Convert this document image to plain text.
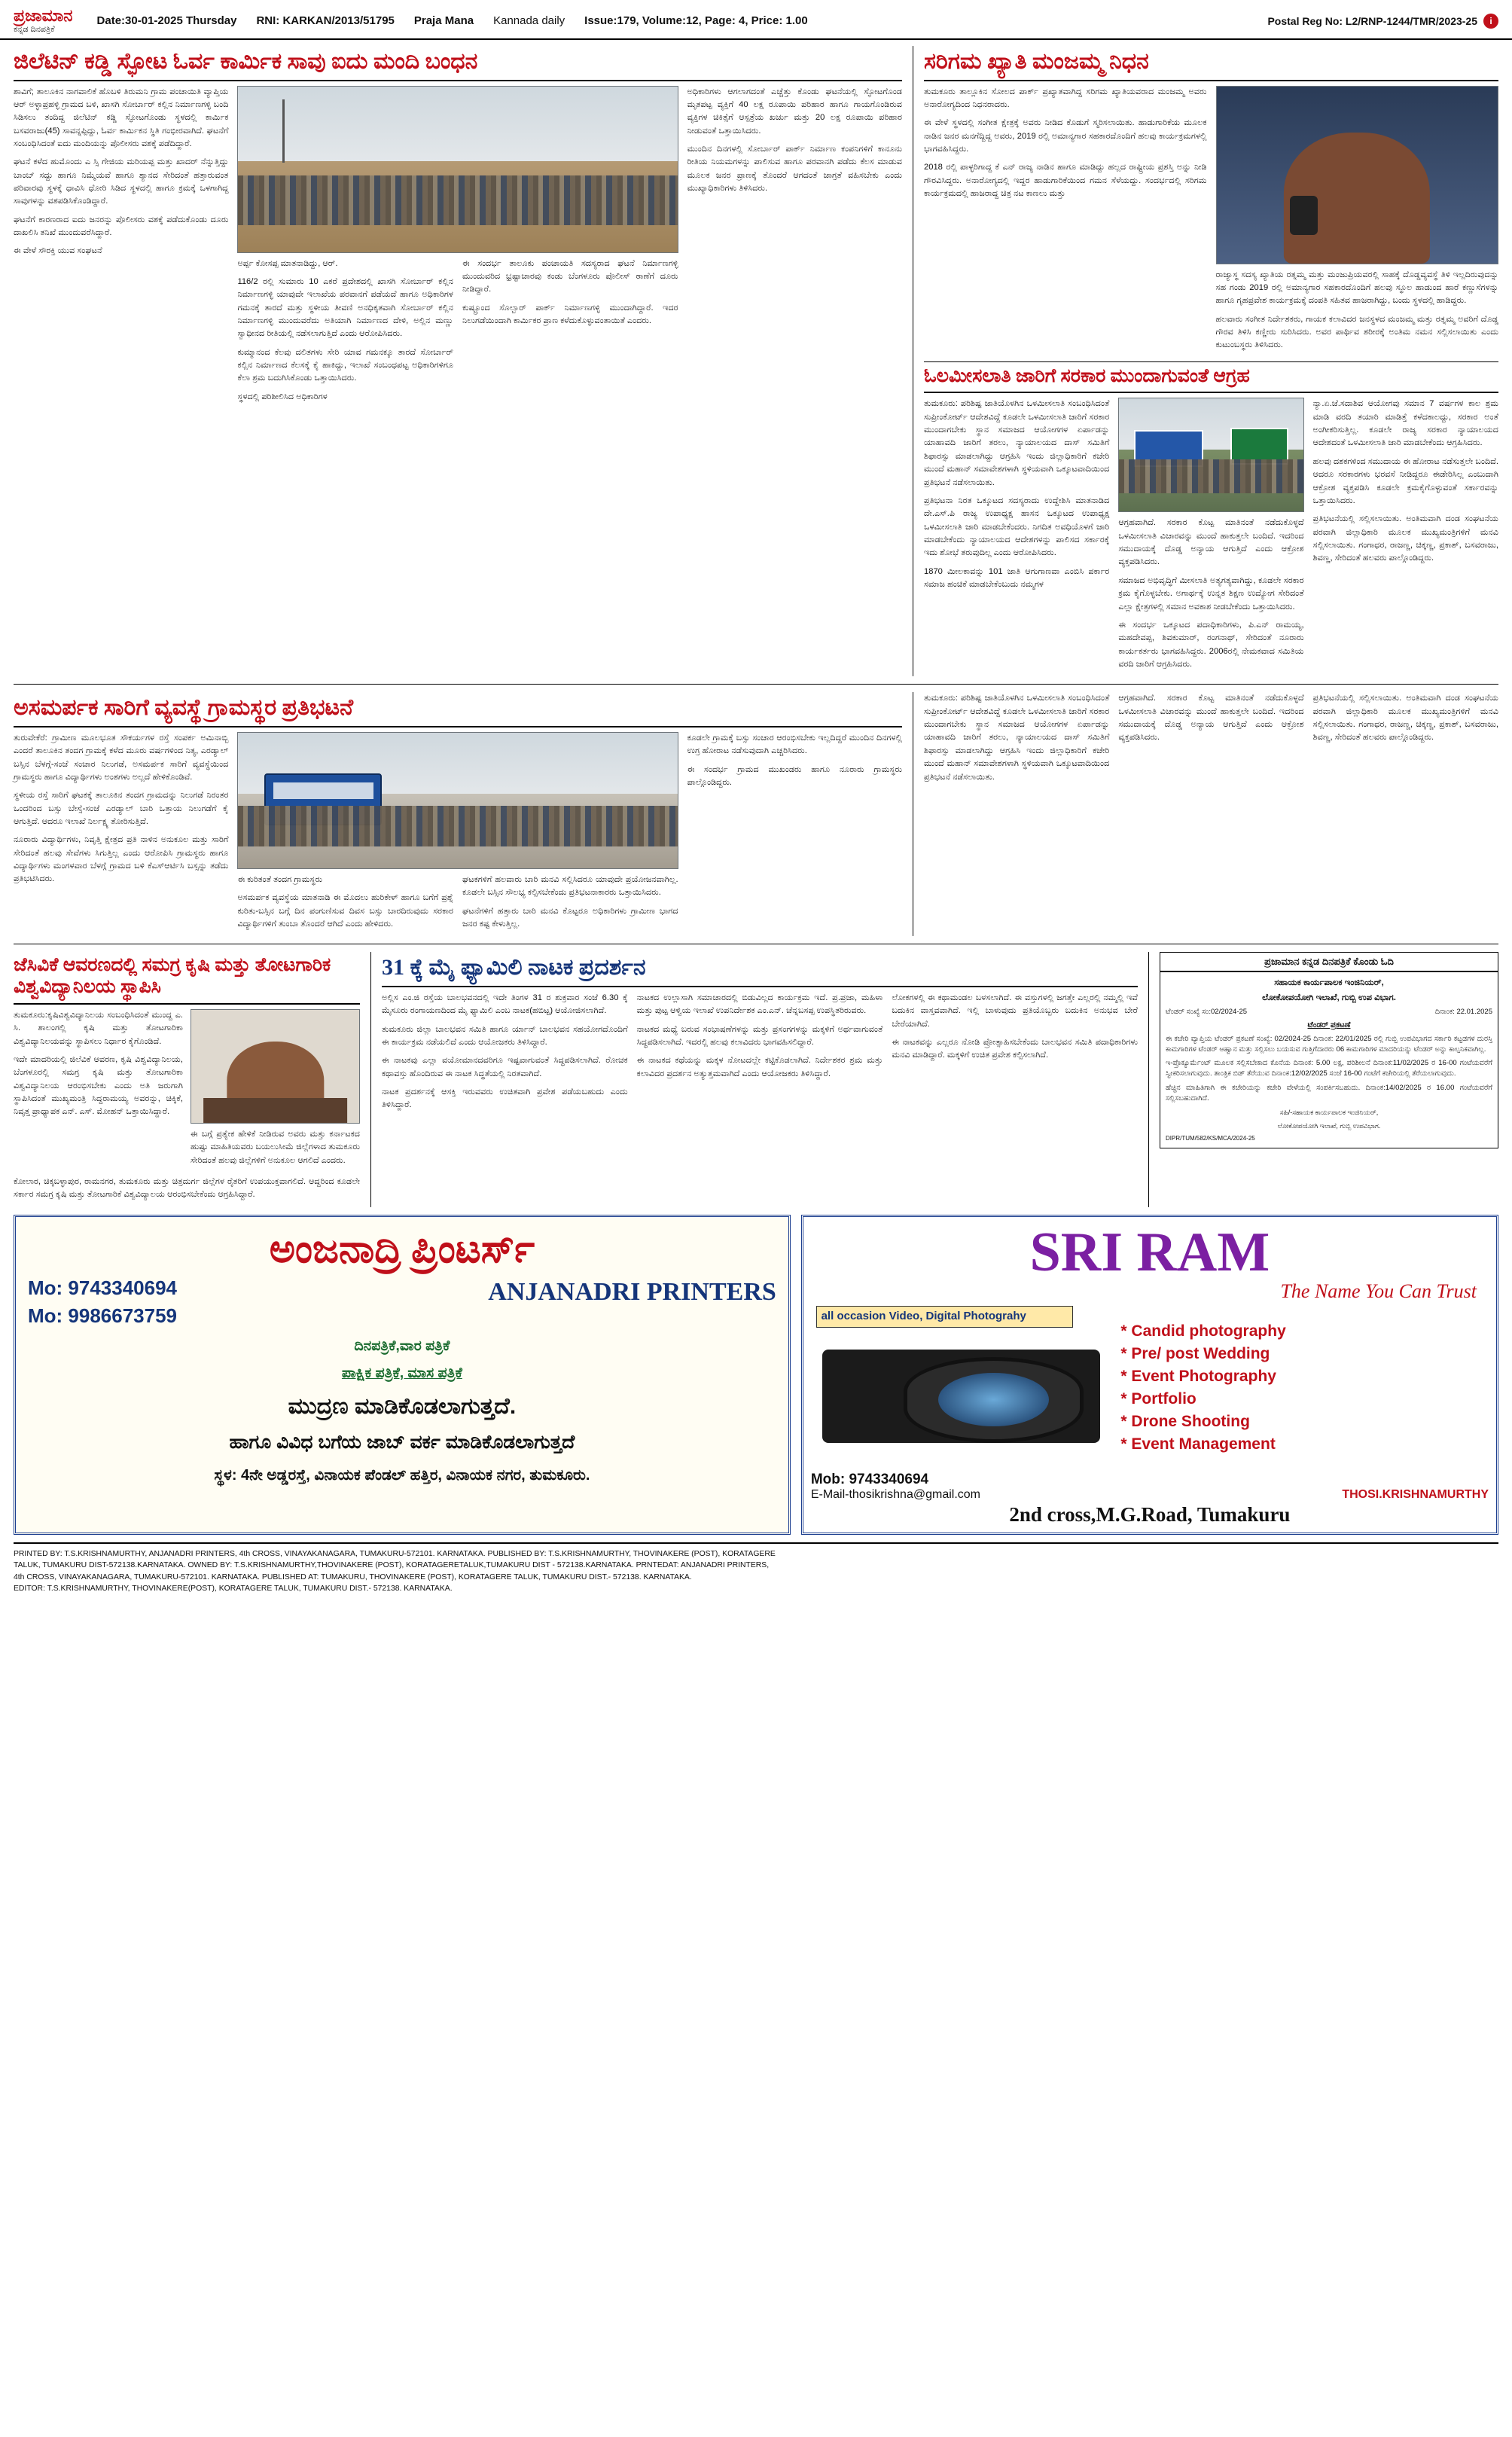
ಪ್ರಜಾಮಾನ
ಕನ್ನಡ ದಿನಪತ್ರಿಕೆ
Date:30-01-2025 Thursday RNI: KARKAN/2013/51795 Praja Mana Kannada daily Issue:179, Volume:12, Page: 4, Price: 1.00	Postal Reg No: L2/RNP-1244/TMR/2023-25	i
ಜಿಲೆಟಿನ್ ಕಡ್ಡಿ ಸ್ಫೋಟ ಓರ್ವ ಕಾರ್ಮಿಕ ಸಾವು ಐದು ಮಂದಿ ಬಂಧನ

ಶಾವಿಗೆ; ತಾಲೂಕಿನ ನಾಗವಾಲಿಕೆ ಹೊಬಳಿ ತಿರುಮನಿ ಗ್ರಾಮ ಪಂಚಾಯಿತಿ ವ್ಯಾಪ್ತಿಯ ಆರ್ ಅಳ್ಳಾಪ್ರಹಳ್ಳಿ ಗ್ರಾಮದ ಬಳಿ, ಖಾಸಗಿ ಸೋರ್ಬಾರ್ ಕಲ್ಲಿನ ನಿರ್ಮಾಣಗಳ್ಳಿ ಬಂದಿ ಸಿಡಿಸಲು ತಂದಿದ್ದ ಜಿಲೆಟಿನ್ ಕಡ್ಡಿ ಸ್ಫೋಟಗೊಂಡು ಸ್ಥಳದಲ್ಲಿ ಕಾರ್ಮಿಕ ಬಸವರಾಜು(45) ಸಾವನ್ನಪ್ಪಿದ್ದು, ಓರ್ವ ಕಾರ್ಮಿಕನ ಸ್ಥಿತಿ ಗಂಭೀರವಾಗಿದೆ. ಘಟನೆಗೆ ಸಂಬಂಧಿಸಿದಂತೆ ಐದು ಮಂದಿಯನ್ನು ಪೊಲೀಸರು ವಶಕ್ಕೆ ಪಡೆದಿದ್ದಾರೆ.

ಘಟನೆ ಕಳೆದ ಹುಮೊಂದು ಎ ಸ್ಸಿ ಗೇಜಿಯ ಮರಿಯಪ್ಪ ಮತ್ತು ಖಾದರ್ ನೆನ್ನುತ್ತಿದ್ದು ಬಾಂಬ್ ಸದ್ದು ಹಾಗೂ ನಿಮ್ಮೆಯವೆ ಹಾಗೂ ಶ್ಯಾನದ ಸೇರಿದಂತೆ ಹತ್ತಾರುವಂತ ಪರಿವಾರವು ಸ್ಥಳಕ್ಕೆ ಧಾವಿಸಿ ಧೋರಿ ಸಿಡಿದ ಸ್ಥಳದಲ್ಲಿ ಹಾಗೂ ಕ್ರಮಕ್ಕೆ ಒಳಗಾಗಿದ್ದ ಸಾವುಗಳನ್ನು ವಶಪಡಿಸಿಕೊಂಡಿದ್ದಾರೆ.

ಘಟನೆಗೆ ಕಾರಣರಾದ ಐದು ಜನರನ್ನು ಪೊಲೀಸರು ವಶಕ್ಕೆ ಪಡೆದುಕೊಂಡು ದೂರು ದಾಖಲಿಸಿ ತನಿಖೆ ಮುಂದುವರೆಸಿದ್ದಾರೆ.

ಈ ವೇಳೆ ಸೌರಕ್ತಿ ಯುವ ಸಂಘಟನೆ

ಅರ್ಪ್ಪ ಕೋಸಪ್ಪ ಮಾತನಾಡಿದ್ದು, ಆರ್.

116/2 ರಲ್ಲಿ ಸುಮಾರು 10 ಎಕರೆ ಪ್ರದೇಶದಲ್ಲಿ ಖಾಸಗಿ ಸೋರ್ಬಾರ್ ಕಲ್ಲಿನ ನಿರ್ಮಾಣಗಳ್ಳಿ ಯಾವುದೇ ಇಲಾಖೆಯ ಪರವಾನಗೆ ಪಡೆಯದೆ ಹಾಗೂ ಅಧಿಕಾರಿಗಳ ಗಮನಕ್ಕೆ ತಾರದೆ ಮತ್ತು ಸ್ಥಳೀಯ ತೀವಣಿ ಅನಧಿಕೃತವಾಗಿ ಸೋರ್ಬಾರ್ ಕಲ್ಲಿನ ನಿರ್ಮಾಣಗಳ್ಳಿ ಮುಂದುವರೆದು ಅತಿಯಾಗಿ ನಿರ್ಮಾಣದ ದೇಳಿ, ಅಲ್ಲಿನ ಮಣ್ಣು ಸ್ವಾಧೀನದ ರೀತಿಯಲ್ಲಿ ನಡೆಸಲಾಗುತ್ತಿದೆ ಎಂದು ಆರೋಪಿಸಿದರು.

ಕುಮ್ಮಾನಂದ ಕೆಲವು ದಲಿತಗಳು ಸೇರಿ ಯಾವ ಗಮನಕ್ಕೂ ತಾರದೆ ಸೋರ್ಬಾರ್ ಕಲ್ಲಿನ ನಿರ್ಮಾಣದ ಕೆಲಸಕ್ಕೆ ಕೈ ಹಾಕಿದ್ದು, ಇಲಾಖೆ ಸಂಬಂಧಪಟ್ಟ ಅಧಿಕಾರಿಗಳಿಗೂ ಕೆಲಾ ಶ್ರಮ ಬದುಗಿಸಿಕೊಂಡು ಒತ್ತಾಯಿಸಿದರು.

ಸ್ಥಳದಲ್ಲಿ ಪರಿಶೀಲಿಸಿದ ಅಧಿಕಾರಿಗಳ

ಈ ಸಂದರ್ಭ ತಾಲೂಕು ಪಂಚಾಯತಿ ಸದಸ್ಯರಾದ ಘಟನೆ ನಿರ್ಮಾಣಗಳ್ಳಿ ಮುಂದುವರಿದ ಭ್ರಷ್ಟಾಚಾರವು ಕಂಡು ಬೆಂಗಳೂರು ಪೊಲೀಸ್ ಠಾಣೆಗೆ ದೂರು ನೀಡಿದ್ದಾರೆ.

ಕುಷ್ಟ್ರೂಂದ ಸೊಲ್ಬಾರ್ ಪಾರ್ಕ್ ನಿರ್ಮಾಣಗಳ್ಳಿ ಮುಂದಾಗಿದ್ದಾರೆ. ಇದರ ನಿಲುಗಡೆಯಿಂದಾಗಿ ಕಾರ್ಮಿಕರ ಪ್ರಾಣ ಕಳೆದುಕೊಳ್ಳುವಂತಾಯಿತೆ ಎಂದರು.

ಅಧಿಕಾರಿಗಳು ಆಗಲಾಗದಂತೆ ಎಚ್ಚೆತ್ತು ಕೊಂಡು ಘಟನೆಯಲ್ಲಿ ಸ್ಫೋಟಗೊಂಡ ಮೃತಪಟ್ಟ ವ್ಯಕ್ತಿಗೆ 40 ಲಕ್ಷ ರೂಪಾಯಿ ಪರಿಹಾರ ಹಾಗೂ ಗಾಯಗೊಂಡಿರುವ ವ್ಯಕ್ತಿಗಳ ಚಿಕಿತ್ಸೆಗೆ ಆಸ್ಪತ್ರೆಯ ಖರ್ಚು ಮತ್ತು 20 ಲಕ್ಷ ರೂಪಾಯಿ ಪರಿಹಾರ ನೀಡುವಂತೆ ಒತ್ತಾಯಿಸಿದರು.

ಮುಂದಿನ ದಿನಗಳಲ್ಲಿ ಸೋರ್ಬಾರ್ ಪಾರ್ಕ್ ನಿರ್ಮಾಣ ಕಂಪನಿಗಳಿಗೆ ಕಾನೂನು ರೀತಿಯ ನಿಯಮಗಳನ್ನು ಪಾಲಿಸುವ ಹಾಗೂ ಪರವಾನಗಿ ಪಡೆದು ಕೆಲಸ ಮಾಡುವ ಮೂಲಕ ಜನರ ಪ್ರಾಣಕ್ಕೆ ತೊಂದರೆ ಆಗದಂತೆ ಜಾಗ್ರತೆ ವಹಿಸಬೇಕು ಎಂದು ಮುಖ್ಯಾಧಿಕಾರಿಗಳು ತಿಳಿಸಿದರು.

ಸರಿಗಮ ಖ್ಯಾತಿ ಮಂಜಮ್ಮ ನಿಧನ

ತುಮಕೂರು ತಾಲ್ಲೂಕಿನ ಸೋಲದ ಪಾರ್ಕ್ ಪ್ರಖ್ಯಾತವಾಗಿದ್ದ ಸರಿಗಮ ಖ್ಯಾತಿಯವರಾದ ಮಂಜಮ್ಮ ಅವರು ಅನಾರೋಗ್ಯದಿಂದ ನಿಧನರಾದರು.

ಈ ವೇಳೆ ಸ್ಥಳದಲ್ಲಿ ಸಂಗೀತ ಕ್ಷೇತ್ರಕ್ಕೆ ಅವರು ನೀಡಿದ ಕೊಡುಗೆ ಸ್ಮರಿಸಲಾಯಿತು. ಹಾಡುಗಾರಿಕೆಯ ಮೂಲಕ ನಾಡಿನ ಜನರ ಮನಗೆದ್ದಿದ್ದ ಅವರು, 2019 ರಲ್ಲಿ ಅಮಾನ್ಯಗಾರ ಸಹಕಾರದೊಂದಿಗೆ ಹಲವು ಕಾರ್ಯಕ್ರಮಗಳಲ್ಲಿ ಭಾಗವಹಿಸಿದ್ದರು.

2018 ರಲ್ಲಿ ಪಾಳ್ಳರಿಗಾದ್ದ ಕೆ ಎನ್ ರಾಜ್ಯ ನಾಡಿನ ಹಾಗೂ ಮಾಡಿದ್ದು ಹಲ್ಲದ ರಾಷ್ಟ್ರೀಯ ಪ್ರಶಸ್ತಿ ಅನ್ನು ನೀಡಿ ಗೌರವಿಸಿದ್ದರು. ಅನಾರೋಗ್ಯದಲ್ಲಿ ಇದ್ದರ ಹಾಡುಗಾರಿಕೆಯಿಂದ ಗಮನ ಸೆಳೆಯದ್ದು. ಸಂದರ್ಭದಲ್ಲಿ ಸರಿಗಮ ಕಾರ್ಯಕ್ರಮದಲ್ಲಿ ಹಾಜರಾದ್ದ ಚಿತ್ರ ನಟ ಕಾಣಲು ಮತ್ತು

ರಾಜ್ಯಾಸ್ಥ ಸದಸ್ಯ ಖ್ಯಾತಿಯ ರತ್ನಮ್ಮ ಮತ್ತು ಮಂಜುಪ್ರಿಯವರಲ್ಲಿ ಸಾಹಕ್ಕೆ ದೊಡ್ಡವ್ಯವಸ್ಥೆ ತಿಳಿ ಇಲ್ಲದಿರುವುದನ್ನು ಸಹ ಗಂಡು 2019 ರಲ್ಲಿ ಅಮಾನ್ಯಗಾರ ಸಹಕಾರದೊಂದಿಗೆ ಹಲವು ಸ್ಥೂಲ ಹಾಡುಂದ ಹಾರೆ ಕಣ್ಣುಸೆಗಳನ್ನು ಹಾಗೂ ಗೃಹಪ್ರವೇಶ ಕಾರ್ಯಕ್ರಮಕ್ಕೆ ದಂಪತಿ ಸಹಿತವ ಹಾಜರಾಗಿದ್ದು, ಬಂದು ಸ್ಥಳದಲ್ಲಿ ಹಾಡಿದ್ದರು.

ಹಲವಾರು ಸಂಗೀತ ನಿರ್ದೇಶಕರು, ಗಾಯಕ ಕಲಾವಿದರ ಜನಸ್ಥಳದ ಮಂಜಮ್ಮ ಮತ್ತು ರತ್ನಮ್ಮ ಅವರಿಗೆ ದೊಡ್ಡ ಗೌರವ ತಿಳಿಸಿ ಕಣ್ಣೀರು ಸುರಿಸಿದರು. ಅವರ ಪಾರ್ಥಿವ ಶರೀರಕ್ಕೆ ಅಂತಿಮ ನಮನ ಸಲ್ಲಿಸಲಾಯಿತು ಎಂದು ಕುಟುಂಬಸ್ಥರು ತಿಳಿಸಿದರು.

ಓಲಮೀಸಲಾತಿ ಜಾರಿಗೆ ಸರಕಾರ ಮುಂದಾಗುವಂತೆ ಆಗ್ರಹ

ತುಮಕೂರು: ಪರಿಶಿಷ್ಟ ಜಾತಿಯೊಳಗಿನ ಒಳಮೀಸಲಾತಿ ಸಂಬಂಧಿಸಿದಂತೆ ಸುಪ್ರೀಂಕೋರ್ಟ್ ಆದೇಶವಿದ್ದೆ ಕೂಡಲೇ ಒಳಮೀಸಲಾತಿ ಜಾರಿಗೆ ಸರಕಾರ ಮುಂದಾಗಬೇಕು ಸ್ಥಾನ ಸಮಾಜದ ಆಯೋಗಗಳ ಏರ್ಪಾಡನ್ನು ಯಾಹಾವದಿ ಜಾರಿಗೆ ತರಲು, ನ್ಯಾಯಾಲಯದ ದಾಸ್ ಸಮಿತಿಗೆ ಶಿಫಾರಸ್ಸು ಮಾಡಲಾಗಿದ್ದು ಆಗ್ರಹಿಸಿ ಇಂದು ಜಿಲ್ಲಾಧಿಕಾರಿಗೆ ಕಚೇರಿ ಮುಂದೆ ಮಹಾನ್ ಸಮಾವೇಶಗಳಾಗಿ ಸ್ಥಳಿಯವಾಗಿ ಒಕ್ಕೂಟವಾದಿಯಿಂದ ಪ್ರತಿಭಟನೆ ನಡೆಸಲಾಯಿತು.

ಪ್ರತಿಭಟನಾ ನಿರತ ಒಕ್ಕೂಟದ ಸದಸ್ಯರಾದು ಉದ್ದೇಶಿಸಿ ಮಾತನಾಡಿದ ದೇ.ಎಸ್.ಪಿ ರಾಜ್ಯ ಉಪಾಧ್ಯಕ್ಷ ಹಾಸನ ಒಕ್ಕೂಟದ ಉಪಾಧ್ಯಕ್ಷ ಒಳಮೀಸಲಾತಿ ಜಾರಿ ಮಾಡಬೇಕೆಂದರು. ನಿಗದಿತ ಅವಧಿಯೊಳಗೆ ಜಾರಿ ಮಾಡಬೇಕೆಂದು ನ್ಯಾಯಾಲಯದ ಆದೇಶಗಳನ್ನು ಪಾಲಿಸದ ಸರ್ಕಾರಕ್ಕೆ ಇದು ಶೋಭೆ ತರುವುದಿಲ್ಲ ಎಂದು ಆರೋಪಿಸಿದರು.

1870 ಮೀಲಕಾವನ್ನು 101 ಜಾತಿ ಆಗುಗಾಣವಾ ಎಂಬಿಸಿ ಪರ್ಕಾರ ಸಮಾಜ ಹಂಚಿಕೆ ಮಾಡಬೇಕೆಂಬುದು ನಮ್ಮಗಳ

ಆಗ್ರಹವಾಗಿದೆ. ಸರಕಾರ ಕೊಟ್ಟ ಮಾತಿನಂತೆ ನಡೆದುಕೊಳ್ಳದೆ ಒಳಮೀಸಲಾತಿ ವಿಚಾರವನ್ನು ಮುಂದೆ ಹಾಕುತ್ತಲೇ ಬಂದಿದೆ. ಇದರಿಂದ ಸಮುದಾಯಕ್ಕೆ ದೊಡ್ಡ ಅನ್ಯಾಯ ಆಗುತ್ತಿದೆ ಎಂದು ಆಕ್ರೋಶ ವ್ಯಕ್ತಪಡಿಸಿದರು.

ಸಮಾಜದ ಅಭಿವೃದ್ಧಿಗೆ ಮೀಸಲಾತಿ ಅತ್ಯಗತ್ಯವಾಗಿದ್ದು, ಕೂಡಲೇ ಸರಕಾರ ಕ್ರಮ ಕೈಗೊಳ್ಳಬೇಕು. ಅಗಾರ್ಥಕ್ಕೆ ಉನ್ನತ ಶಿಕ್ಷಣ ಉದ್ಯೋಗ ಸೇರಿದಂತೆ ಎಲ್ಲಾ ಕ್ಷೇತ್ರಗಳಲ್ಲಿ ಸಮಾನ ಅವಕಾಶ ನೀಡಬೇಕೆಂದು ಒತ್ತಾಯಿಸಿದರು.

ಈ ಸಂದರ್ಭ ಒಕ್ಕೂಟದ ಪದಾಧಿಕಾರಿಗಳು, ಪಿ.ಎನ್ ರಾಮಯ್ಯ, ಮಹದೇವಪ್ಪ, ಶಿವಕುಮಾರ್, ರಂಗನಾಥ್, ಸೇರಿದಂತೆ ನೂರಾರು ಕಾರ್ಯಕರ್ತರು ಭಾಗವಹಿಸಿದ್ದರು. 2006ರಲ್ಲಿ ನೇಮಕವಾದ ಸಮಿತಿಯ ವರದಿ ಜಾರಿಗೆ ಆಗ್ರಹಿಸಿದರು.

ನ್ಯಾ.ಏ.ಜೆ.ಸದಾಶಿವ ಆಯೋಗವು ಸಮಾನ 7 ವರ್ಷಗಳ ಕಾಲ ಶ್ರಮ ಮಾಡಿ ವರದಿ ತಯಾರಿ ಮಾಡಿತ್ತೆ ಕಳೆದಕಾಲದ್ದು, ಸರಕಾರ ಅಂತೆ ಅಂಗೀಕರಿಸುತ್ತಿಲ್ಲ. ಕೂಡಲೇ ರಾಜ್ಯ ಸರಕಾರ ನ್ಯಾಯಾಲಯದ ಆದೇಶದಂತೆ ಒಳಮೀಸಲಾತಿ ಜಾರಿ ಮಾಡಬೇಕೆಂದು ಆಗ್ರಹಿಸಿದರು.

ಹಲವು ದಶಕಗಳಿಂದ ಸಮುದಾಯ ಈ ಹೋರಾಟ ನಡೆಸುತ್ತಲೇ ಬಂದಿದೆ. ಆದರೂ ಸರಕಾರಗಳು ಭರವಸೆ ನೀಡಿದ್ದರೂ ಈಡೇರಿಸಿಲ್ಲ ಎಂಬುದಾಗಿ ಆಕ್ರೋಶ ವ್ಯಕ್ತಪಡಿಸಿ ಕೂಡಲೇ ಕ್ರಮಕೈಗೊಳ್ಳುವಂತೆ ಸರ್ಕಾರವನ್ನು ಒತ್ತಾಯಿಸಿದರು.

ಪ್ರತಿಭಟನೆಯಲ್ಲಿ ಸಲ್ಲಿಸಲಾಯಿತು. ಅಂತಿಮವಾಗಿ ದಂಡ ಸಂಘಟನೆಯ ಪರವಾಗಿ ಜಿಲ್ಲಾಧಿಕಾರಿ ಮೂಲಕ ಮುಖ್ಯಮಂತ್ರಿಗಳಿಗೆ ಮನವಿ ಸಲ್ಲಿಸಲಾಯಿತು. ಗಂಗಾಧರ, ರಾಜಣ್ಣ, ಚಿಕ್ಕಣ್ಣ, ಪ್ರಕಾಶ್, ಬಸವರಾಜು, ಶಿವಣ್ಣ, ಸೇರಿದಂತೆ ಹಲವರು ಪಾಲ್ಗೊಂಡಿದ್ದರು.

ಅಸಮರ್ಪಕ ಸಾರಿಗೆ ವ್ಯವಸ್ಥೆ ಗ್ರಾಮಸ್ಥರ ಪ್ರತಿಭಟನೆ

ತುರುವೇಕೆರೆ: ಗ್ರಾಮೀಣ ಮೂಲಭೂತ ಸೌಕರ್ಯಗಳ ರಸ್ತೆ ಸಂಪರ್ಕ ಅಮಿನಾಬ್ಬಿ ಎಂದರೆ ತಾಲೂಕಿನ ತಂದಗ ಗ್ರಾಮಕ್ಕೆ ಕಳೆದ ಮೂರು ವರ್ಷಗಳಿಂದ ನಿತ್ಯ, ಎರಡ್ಯಾಲ್ ಬಸ್ಸಿನ ಬೆಳಗ್ಗೆ-ಸಂಜೆ ಸಂಚಾರ ನಿಲುಗಡೆ, ಅಸಮರ್ಪಕ ಸಾರಿಗೆ ವ್ಯವಸ್ಥೆಯಿಂದ ಗ್ರಾಮಸ್ಥರು ಹಾಗೂ ವಿದ್ಯಾರ್ಥಿಗಳು ಅಂಶಗಳು ಅಲ್ಲದೆ ಹೇಳಿಕೊಂಡಿವೆ.

ಸ್ಥಳೀಯ ರಸ್ತೆ ಸಾರಿಗೆ ಘಟಕಕ್ಕೆ ತಾಲೂಕಿನ ತಂದಗ ಗ್ರಾಮದನ್ನು ನಿಲುಗಡೆ ನಿರಂತರ ಒಂದರಿಂದ ಬಸ್ಸು ಬೇಸ್ಸೆ-ಸಂಜೆ ಎರಡ್ಯಾಲ್ ಬಾರಿ ಒತ್ತಾಯ ನಿಲುಗಡೆಗೆ ಕೈ ಆಗುತ್ತಿದೆ. ಆದರೂ ಇಲಾಖೆ ನಿರ್ಲಕ್ಷ್ಯ ತೋರಿಸುತ್ತಿದೆ.

ನೂರಾರು ವಿದ್ಯಾರ್ಥಿಗಳು, ನಿವೃತ್ತಿ ಕ್ಷೇತ್ರದ ಪ್ರತಿ ನಾಳಿನ ಅನುಕೂಲ ಮತ್ತು ಸಾರಿಗೆ ಸೇರಿದಂತೆ ಹಲವು ಸೇವೆಗಳು ಸಿಗುತ್ತಿಲ್ಲ ಎಂದು ಆರೋಪಿಸಿ ಗ್ರಾಮಸ್ಥರು ಹಾಗೂ ವಿದ್ಯಾರ್ಥಿಗಳು ಮಂಗಳವಾರ ಬೆಳಗ್ಗೆ ಗ್ರಾಮದ ಬಳಿ ಕೆಎಸ್ಆರ್ಟಿಸಿ ಬಸ್ಸನ್ನು ತಡೆದು ಪ್ರತಿಭಟಿಸಿದರು.	ಈ ಕುರಿತಂತೆ ತಂದಗ ಗ್ರಾಮಸ್ಥರು

ಅಸಮರ್ಪಕ ವ್ಯವಸ್ಥೆಯ ಮಾತನಾಡಿ ಈ ಮೊದಲು ಹುರಿಕೇಳ್ ಹಾಗೂ ಬಗೆಗೆ ಪ್ರಶ್ನೆ ಕುರಿತು-ಬಸ್ಸಿನ ಬಗ್ಗೆ ದಿನ ಪಂಗುಣಿಸುವ ದಿವಸ ಬಸ್ಸು ಬಾರದಿರುವುದು ಸರಕಾರ ವಿದ್ಯಾರ್ಥಿಗಳಿಗೆ ತುಂಬಾ ತೊಂದರೆ ಆಗಿದೆ ಎಂದು ಹೇಳಿದರು.

ಘಟಕಗಳಿಗೆ ಹಲವಾರು ಬಾರಿ ಮನವಿ ಸಲ್ಲಿಸಿದರೂ ಯಾವುದೇ ಪ್ರಯೋಜನವಾಗಿಲ್ಲ. ಕೂಡಲೇ ಬಸ್ಸಿನ ಸೌಲಭ್ಯ ಕಲ್ಪಿಸಬೇಕೆಂದು ಪ್ರತಿಭಟನಾಕಾರರು ಒತ್ತಾಯಿಸಿದರು.

ಘಟನೆಗಳಿಗೆ ಹತ್ತಾರು ಬಾರಿ ಮನವಿ ಕೊಟ್ಟರೂ ಅಧಿಕಾರಿಗಳು ಗ್ರಾಮೀಣ ಭಾಗದ ಜನರ ಕಷ್ಟ ಕೇಳುತ್ತಿಲ್ಲ.

ಕೂಡಲೇ ಗ್ರಾಮಕ್ಕೆ ಬಸ್ಸು ಸಂಚಾರ ಆರಂಭಿಸಬೇಕು ಇಲ್ಲದಿದ್ದರೆ ಮುಂದಿನ ದಿನಗಳಲ್ಲಿ ಉಗ್ರ ಹೋರಾಟ ನಡೆಸುವುದಾಗಿ ಎಚ್ಚರಿಸಿದರು.

ಈ ಸಂದರ್ಭ ಗ್ರಾಮದ ಮುಖಂಡರು ಹಾಗೂ ನೂರಾರು ಗ್ರಾಮಸ್ಥರು ಪಾಲ್ಗೊಂಡಿದ್ದರು.

ತುಮಕೂರು: ಪರಿಶಿಷ್ಟ ಜಾತಿಯೊಳಗಿನ ಒಳಮೀಸಲಾತಿ ಸಂಬಂಧಿಸಿದಂತೆ ಸುಪ್ರೀಂಕೋರ್ಟ್ ಆದೇಶವಿದ್ದೆ ಕೂಡಲೇ ಒಳಮೀಸಲಾತಿ ಜಾರಿಗೆ ಸರಕಾರ ಮುಂದಾಗಬೇಕು ಸ್ಥಾನ ಸಮಾಜದ ಆಯೋಗಗಳ ಏರ್ಪಾಡನ್ನು ಯಾಹಾವದಿ ಜಾರಿಗೆ ತರಲು, ನ್ಯಾಯಾಲಯದ ದಾಸ್ ಸಮಿತಿಗೆ ಶಿಫಾರಸ್ಸು ಮಾಡಲಾಗಿದ್ದು ಆಗ್ರಹಿಸಿ ಇಂದು ಜಿಲ್ಲಾಧಿಕಾರಿಗೆ ಕಚೇರಿ ಮುಂದೆ ಮಹಾನ್ ಸಮಾವೇಶಗಳಾಗಿ ಸ್ಥಳಿಯವಾಗಿ ಒಕ್ಕೂಟವಾದಿಯಿಂದ ಪ್ರತಿಭಟನೆ ನಡೆಸಲಾಯಿತು.

ಆಗ್ರಹವಾಗಿದೆ. ಸರಕಾರ ಕೊಟ್ಟ ಮಾತಿನಂತೆ ನಡೆದುಕೊಳ್ಳದೆ ಒಳಮೀಸಲಾತಿ ವಿಚಾರವನ್ನು ಮುಂದೆ ಹಾಕುತ್ತಲೇ ಬಂದಿದೆ. ಇದರಿಂದ ಸಮುದಾಯಕ್ಕೆ ದೊಡ್ಡ ಅನ್ಯಾಯ ಆಗುತ್ತಿದೆ ಎಂದು ಆಕ್ರೋಶ ವ್ಯಕ್ತಪಡಿಸಿದರು.

ಪ್ರತಿಭಟನೆಯಲ್ಲಿ ಸಲ್ಲಿಸಲಾಯಿತು. ಅಂತಿಮವಾಗಿ ದಂಡ ಸಂಘಟನೆಯ ಪರವಾಗಿ ಜಿಲ್ಲಾಧಿಕಾರಿ ಮೂಲಕ ಮುಖ್ಯಮಂತ್ರಿಗಳಿಗೆ ಮನವಿ ಸಲ್ಲಿಸಲಾಯಿತು. ಗಂಗಾಧರ, ರಾಜಣ್ಣ, ಚಿಕ್ಕಣ್ಣ, ಪ್ರಕಾಶ್, ಬಸವರಾಜು, ಶಿವಣ್ಣ, ಸೇರಿದಂತೆ ಹಲವರು ಪಾಲ್ಗೊಂಡಿದ್ದರು.

ಜೆಸಿವಿಕೆ ಆವರಣದಲ್ಲಿ ಸಮಗ್ರ ಕೃಷಿ ಮತ್ತು ತೋಟಗಾರಿಕ ವಿಶ್ವವಿದ್ಯಾನಿಲಯ ಸ್ಥಾಪಿಸಿ

ತುಮಕೂರು:ಕೃಷಿವಿಶ್ವವಿದ್ಯಾನಿಲಯ ಸಂಬಂಧಿಸಿದಂತೆ ಮುಂದ್ದ ಎ. ಸಿ. ಶಾಲಂಗಲ್ಲಿ ಕೃಷಿ ಮತ್ತು ತೋಟಗಾರಿಕಾ ವಿಶ್ವವಿದ್ಯಾನಿಲಯವನ್ನು ಸ್ಥಾಪಿಸಲು ನಿರ್ಧಾರ ಕೈಗೊಂಡಿದೆ.

ಇದೇ ಮಾದರಿಯಲ್ಲಿ ಜಿಲೆವಿಕೆ ಆವರಣ, ಕೃಷಿ ವಿಶ್ವವಿದ್ಯಾನಿಲಯ, ಬೆಂಗಳೂರಲ್ಲಿ ಸಮಗ್ರ ಕೃಷಿ ಮತ್ತು ತೋಟಗಾರಿಕಾ ವಿಶ್ವವಿದ್ಯಾನಿಲಯ ಆರಂಭಿಸಬೇಕು ಎಂದು ಅತಿ ಜರುಗಾಗಿ ಸ್ಥಾಪಿಸಿದಂತೆ ಮುಖ್ಯಮಂತ್ರಿ ಸಿದ್ದರಾಮಯ್ಯ ಅವರನ್ನು, ಚಿಕ್ಕಿಕೆ, ನಿವೃತ್ತ ಪ್ರಾಧ್ಯಾಪಕ ಎನ್. ಎಸ್. ಮೋಹನ್ ಒತ್ತಾಯಿಸಿದ್ದಾರೆ.

ಈ ಬಗ್ಗೆ ಪ್ರತ್ಯೇಕ ಹೇಳಿಕೆ ನೀಡಿರುವ ಅವರು ಮತ್ತು ಕರ್ನಾಟಕದ ಹುಷ್ಟು ಮಾಹಿತಿಯವರು ಬಯಲುಸೀಮೆ ಜಿಲ್ಲೆಗಳಾದ ತುಮಕೂರು ಸೇರಿದಂತೆ ಹಲವು ಜಿಲ್ಲೆಗಳಿಗೆ ಅನುಕೂಲ ಆಗಲಿದೆ ಎಂದರು.

ಕೋಲಾರ, ಚಿಕ್ಕಬಳ್ಳಾಪುರ, ರಾಮನಗರ, ತುಮಕೂರು ಮತ್ತು ಚಿತ್ರದುರ್ಗ ಜಿಲ್ಲೆಗಳ ರೈತರಿಗೆ ಉಪಯುಕ್ತವಾಗಲಿದೆ. ಆದ್ದರಿಂದ ಕೂಡಲೇ ಸರ್ಕಾರ ಸಮಗ್ರ ಕೃಷಿ ಮತ್ತು ತೋಟಗಾರಿಕೆ ವಿಶ್ವವಿದ್ಯಾಲಯ ಆರಂಭಿಸಬೇಕೆಂದು ಆಗ್ರಹಿಸಿದ್ದಾರೆ.

31 ಕ್ಕೆ ಮೈ ಫ್ಯಾಮಿಲಿ ನಾಟಕ ಪ್ರದರ್ಶನ

ಅಲ್ಲಿಸ ಎಂ.ಜಿ ರಸ್ತೆಯ ಬಾಲಭವನದಲ್ಲಿ ಇದೇ ತಿಂಗಳ 31 ರ ಶುಕ್ರವಾರ ಸಂಜೆ 6.30 ಕ್ಕೆ ಮೈಸೂರು ರಂಗಾಯಣದಿಂದ ಮೈ ಫ್ಯಾಮಿಲಿ ಎಂಬ ನಾಟಕ(ಹಬಿಟ್ಟ) ಆಯೋಜಿಸಲಾಗಿದೆ.

ತುಮಕೂರು ಜಿಲ್ಲಾ ಬಾಲಭವನ ಸಮಿತಿ ಹಾಗೂ ರ್ಯಾನ್ ಬಾಲಭವನ ಸಹಯೋಗದೊಂದಿಗೆ ಈ ಕಾರ್ಯಕ್ರಮ ನಡೆಯಲಿದೆ ಎಂದು ಆಯೋಜಕರು ತಿಳಿಸಿದ್ದಾರೆ.

ಈ ನಾಟಕವು ಎಲ್ಲಾ ವಯೋಮಾನದವರಿಗೂ ಇಷ್ಟವಾಗುವಂತೆ ಸಿದ್ಧಪಡಿಸಲಾಗಿದೆ. ರೋಚಕ ಕಥಾವಸ್ತು ಹೊಂದಿರುವ ಈ ನಾಟಕ ಸಿದ್ಧತೆಯಲ್ಲಿ ನಿರತವಾಗಿದೆ.

ನಾಟಕ ಪ್ರದರ್ಶನಕ್ಕೆ ಆಸಕ್ತಿ ಇರುವವರು ಉಚಿತವಾಗಿ ಪ್ರವೇಶ ಪಡೆಯಬಹುದು ಎಂದು ತಿಳಿಸಿದ್ದಾರೆ.

ನಾಟಕದ ಉಲ್ಲಾಸಾಗಿ ಸಮಾಚಾರದಲ್ಲಿ ಬಿಡುವಿಲ್ಲದ ಕಾರ್ಯಕ್ರಮ ಇದೆ. ಪ್ರ.ಪ್ರಜಾ, ಮಹಿಳಾ ಮತ್ತು ಪುಟ್ಟ ಆಳ್ವಿಯ ಇಲಾಖೆ ಉಪನಿರ್ದೇಶಕ ಎಂ.ಎನ್. ಚೆನ್ನಬಸಪ್ಪ ಉಪಸ್ಥಿತರಿರುವರು.

ನಾಟಕದ ಮಧ್ಯೆ ಬರುವ ಸಂಭಾಷಣೆಗಳನ್ನು ಮತ್ತು ಪ್ರಸಂಗಗಳನ್ನು ಮಕ್ಕಳಿಗೆ ಅರ್ಥವಾಗುವಂತೆ ಸಿದ್ಧಪಡಿಸಲಾಗಿದೆ. ಇದರಲ್ಲಿ ಹಲವು ಕಲಾವಿದರು ಭಾಗವಹಿಸಲಿದ್ದಾರೆ.

ಈ ನಾಟಕದ ಕಥೆಯನ್ನು ಮಕ್ಕಳ ನೋಟದಲ್ಲೇ ಕಟ್ಟಿಕೊಡಲಾಗಿದೆ. ನಿರ್ದೇಶಕರ ಶ್ರಮ ಮತ್ತು ಕಲಾವಿದರ ಪ್ರದರ್ಶನ ಅತ್ಯುತ್ತಮವಾಗಿದೆ ಎಂದು ಆಯೋಜಕರು ತಿಳಿಸಿದ್ದಾರೆ.

ಲೋಕಗಳಲ್ಲಿ ಈ ಕಥಾಮಂಡಲ ಬಳಸಲಾಗಿದೆ. ಈ ವಸ್ತುಗಳಲ್ಲಿ ಜಗತ್ತೇ ಎಲ್ಲರಲ್ಲಿ ನಮ್ಮಲ್ಲಿ ಇವೆ ಬದುಕಿನ ವಾಸ್ತವವಾಗಿದೆ. ಇಲ್ಲಿ ಬಾಳುವುದು ಪ್ರತಿಯೊಬ್ಬರು ಬದುಕಿನ ಅನುಭವ ಬೇರೆ ಬೇರೆಯಾಗಿದೆ.

ಈ ನಾಟಕವನ್ನು ಎಲ್ಲರೂ ನೋಡಿ ಪ್ರೋತ್ಸಾಹಿಸಬೇಕೆಂದು ಬಾಲಭವನ ಸಮಿತಿ ಪದಾಧಿಕಾರಿಗಳು ಮನವಿ ಮಾಡಿದ್ದಾರೆ. ಮಕ್ಕಳಿಗೆ ಉಚಿತ ಪ್ರವೇಶ ಕಲ್ಪಿಸಲಾಗಿದೆ.

ಪ್ರಜಾಮಾನ ಕನ್ನಡ ದಿನಪತ್ರಿಕೆ ಕೊಂಡು ಓದಿ
ಸಹಾಯಕ ಕಾರ್ಯಪಾಲಕ ಇಂಜಿನಿಯರ್,
ಲೋಕೋಪಯೋಗಿ ಇಲಾಖೆ, ಗುಬ್ಬಿ ಉಪ ವಿಭಾಗ.
ಟೆಂಡರ್ ಸಂಖ್ಯೆ ಸಂ:02/2024-25	ದಿನಾಂಕ: 22.01.2025
ಟೆಂಡರ್ ಪ್ರಕಟಣೆ

ಈ ಕಚೇರಿ ವ್ಯಾಪ್ತಿಯ ಟೆಂಡರ್ ಪ್ರಕಟಣೆ ಸಂಖ್ಯೆ: 02/2024-25 ದಿನಾಂಕ: 22/01/2025 ರಲ್ಲಿ ಗುಬ್ಬಿ ಉಪವಿಭಾಗದ ಸರ್ಕಾರಿ ಕಟ್ಟಡಗಳ ದುರಸ್ತಿ ಕಾಮಗಾರಿಗಳ ಟೆಂಡರ್ ಆಹ್ವಾನ ಮತ್ತು ಸಲ್ಲಿಸಲು ಬಯಸುವ ಗುತ್ತಿಗೆದಾರರು 06 ಕಾಮಗಾರಿಗಳ ಮಾದರಿಯನ್ನು ಟೆಂಡರ್ ಅನ್ನು ಕಾಲ್ಪನಿಕವಾಗಿಲ್ಲ.

ಇ-ಪ್ರೊಕ್ಯೂರ್ಮೆಂಟ್ ಮೂಲಕ ಸಲ್ಲಿಸಬೇಕಾದ ಕೊನೆಯ ದಿನಾಂಕ: 5.00 ಲಕ್ಷ, ಪರಿಶೀಲನೆ ದಿನಾಂಕ:11/02/2025 ರ 16-00 ಗಂಟೆಯವರೆಗೆ ಸ್ವೀಕರಿಸಲಾಗುವುದು. ತಾಂತ್ರಿಕ ಬಿಡ್ ತೆರೆಯುವ ದಿನಾಂಕ:12/02/2025 ಸಂಜೆ 16-00 ಗಂಟೆಗೆ ಕಚೇರಿಯಲ್ಲಿ ತೆರೆಯಲಾಗುವುದು.

ಹೆಚ್ಚಿನ ಮಾಹಿತಿಗಾಗಿ ಈ ಕಚೇರಿಯನ್ನು ಕಚೇರಿ ವೇಳೆಯಲ್ಲಿ ಸಂಪರ್ಕಿಸಬಹುದು. ದಿನಾಂಕ:14/02/2025 ರ 16.00 ಗಂಟೆಯವರೆಗೆ ಸಲ್ಲಿಸಬಹುದಾಗಿದೆ.

ಸಹಿ/-ಸಹಾಯಕ ಕಾರ್ಯಪಾಲಕ ಇಂಜಿನಿಯರ್,
ಲೋಕೋಪಯೋಗಿ ಇಲಾಖೆ, ಗುಬ್ಬಿ ಉಪವಿಭಾಗ.
DIPR/TUM/582/KS/MCA/2024-25
ಅಂಜನಾದ್ರಿ ಪ್ರಿಂಟರ್ಸ್
Mo: 9743340694
Mo: 9986673759
ANJANADRI PRINTERS
ದಿನಪತ್ರಿಕೆ,ವಾರ ಪತ್ರಿಕೆ
ಪಾಕ್ಷಿಕ ಪತ್ರಿಕೆ, ಮಾಸ ಪತ್ರಿಕೆ
ಮುದ್ರಣ ಮಾಡಿಕೊಡಲಾಗುತ್ತದೆ.
ಹಾಗೂ ವಿವಿಧ ಬಗೆಯ ಜಾಬ್ ವರ್ಕ ಮಾಡಿಕೊಡಲಾಗುತ್ತದೆ
ಸ್ಥಳ: 4ನೇ ಅಡ್ಡರಸ್ತೆ, ವಿನಾಯಕ ಪೆಂಡಲ್ ಹತ್ತಿರ, ವಿನಾಯಕ ನಗರ, ತುಮಕೂರು.
SRI RAM
The Name You Can Trust
all occasion Video, Digital Photograhy
* Candid photography
* Pre/ post Wedding
* Event Photography
* Portfolio
* Drone Shooting
* Event Management
Mob: 9743340694
THOSI.KRISHNAMURTHY
E-Mail-thosikrishna@gmail.com
2nd cross,M.G.Road, Tumakuru
PRINTED BY: T.S.KRISHNAMURTHY, ANJANADRI PRINTERS, 4th CROSS, VINAYAKANAGARA, TUMAKURU-572101. KARNATAKA. PUBLISHED BY: T.S.KRISHNAMURTHY, THOVINAKERE (POST), KORATAGERE
TALUK, TUMAKURU DIST-572138.KARNATAKA. OWNED BY: T.S.KRISHNAMURTHY,THOVINAKERE (POST), KORATAGERETALUK,TUMAKURU DIST - 572138.KARNATAKA. PRNTEDAT: ANJANADRI PRINTERS,
4th CROSS, VINAYAKANAGARA, TUMAKURU-572101. KARNATAKA. PUBLISHED AT: TUMAKURU, THOVINAKERE (POST), KORATAGERE TALUK, TUMAKURU DIST.- 572138. KARNATAKA.
EDITOR: T.S.KRISHNAMURTHY, THOVINAKERE(POST), KORATAGERE TALUK, TUMAKURU DIST.- 572138. KARNATAKA.
